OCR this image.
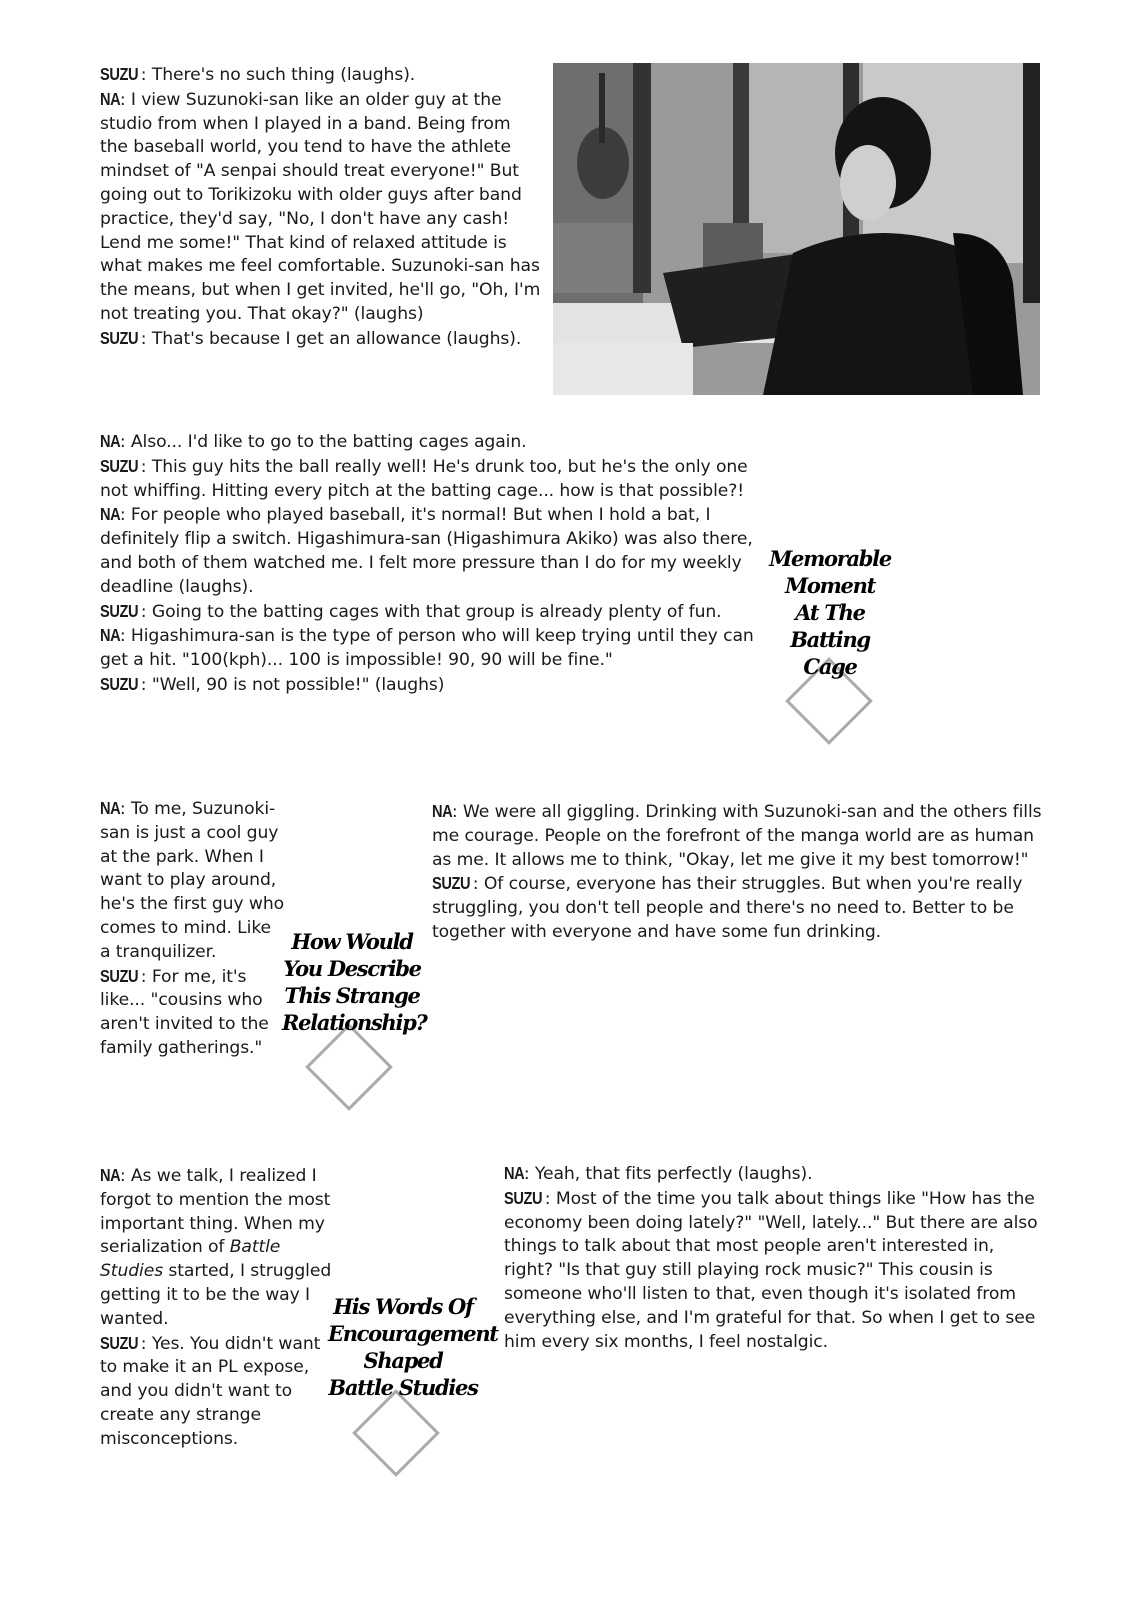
SUZU : There's no such thing (laughs).

NA: I view Suzunoki-san like an older guy at the studio from when I played in a band. Being from the baseball world, you tend to have the athlete mindset of "A senpai should treat everyone!" But going out to Torikizoku with older guys after band practice, they'd say, "No, I don't have any cash! Lend me some!" That kind of relaxed attitude is what makes me feel comfortable. Suzunoki-san has the means, but when I get invited, he'll go, "Oh, I'm not treating you. That okay?" (laughs)

SUZU : That's because I get an allowance (laughs).

NA: Also... I'd like to go to the batting cages again.

SUZU : This guy hits the ball really well! He's drunk too, but he's the only one not whiffing. Hitting every pitch at the batting cage... how is that possible?!

NA: For people who played baseball, it's normal! But when I hold a bat, I definitely flip a switch. Higashimura-san (Higashimura Akiko) was also there, and both of them watched me. I felt more pressure than I do for my weekly deadline (laughs).

SUZU : Going to the batting cages with that group is already plenty of fun.

NA: Higashimura-san is the type of person who will keep trying until they can get a hit. "100(kph)... 100 is impossible! 90, 90 will be fine."

SUZU : "Well, 90 is not possible!" (laughs)

Memorable
Moment
At The
Batting
Cage

NA: To me, Suzunoki-san is just a cool guy at the park. When I want to play around, he's the first guy who comes to mind. Like a tranquilizer.

SUZU : For me, it's like... "cousins who aren't invited to the family gatherings."

How Would
You Describe
This Strange
Relationship?

NA: We were all giggling. Drinking with Suzunoki-san and the others fills me courage. People on the forefront of the manga world are as human as me. It allows me to think, "Okay, let me give it my best tomorrow!"

SUZU : Of course, everyone has their struggles. But when you're really struggling, you don't tell people and there's no need to. Better to be together with everyone and have some fun drinking.

NA: As we talk, I realized I forgot to mention the most important thing. When my serialization of Battle Studies started, I struggled getting it to be the way I wanted.

SUZU : Yes. You didn't want to make it an PL expose, and you didn't want to create any strange misconceptions.

His Words Of
Encouragement
Shaped
Battle Studies

NA: Yeah, that fits perfectly (laughs).

SUZU : Most of the time you talk about things like "How has the economy been doing lately?" "Well, lately..." But there are also things to talk about that most people aren't interested in, right? "Is that guy still playing rock music?" This cousin is someone who'll listen to that, even though it's isolated from everything else, and I'm grateful for that. So when I get to see him every six months, I feel nostalgic.
